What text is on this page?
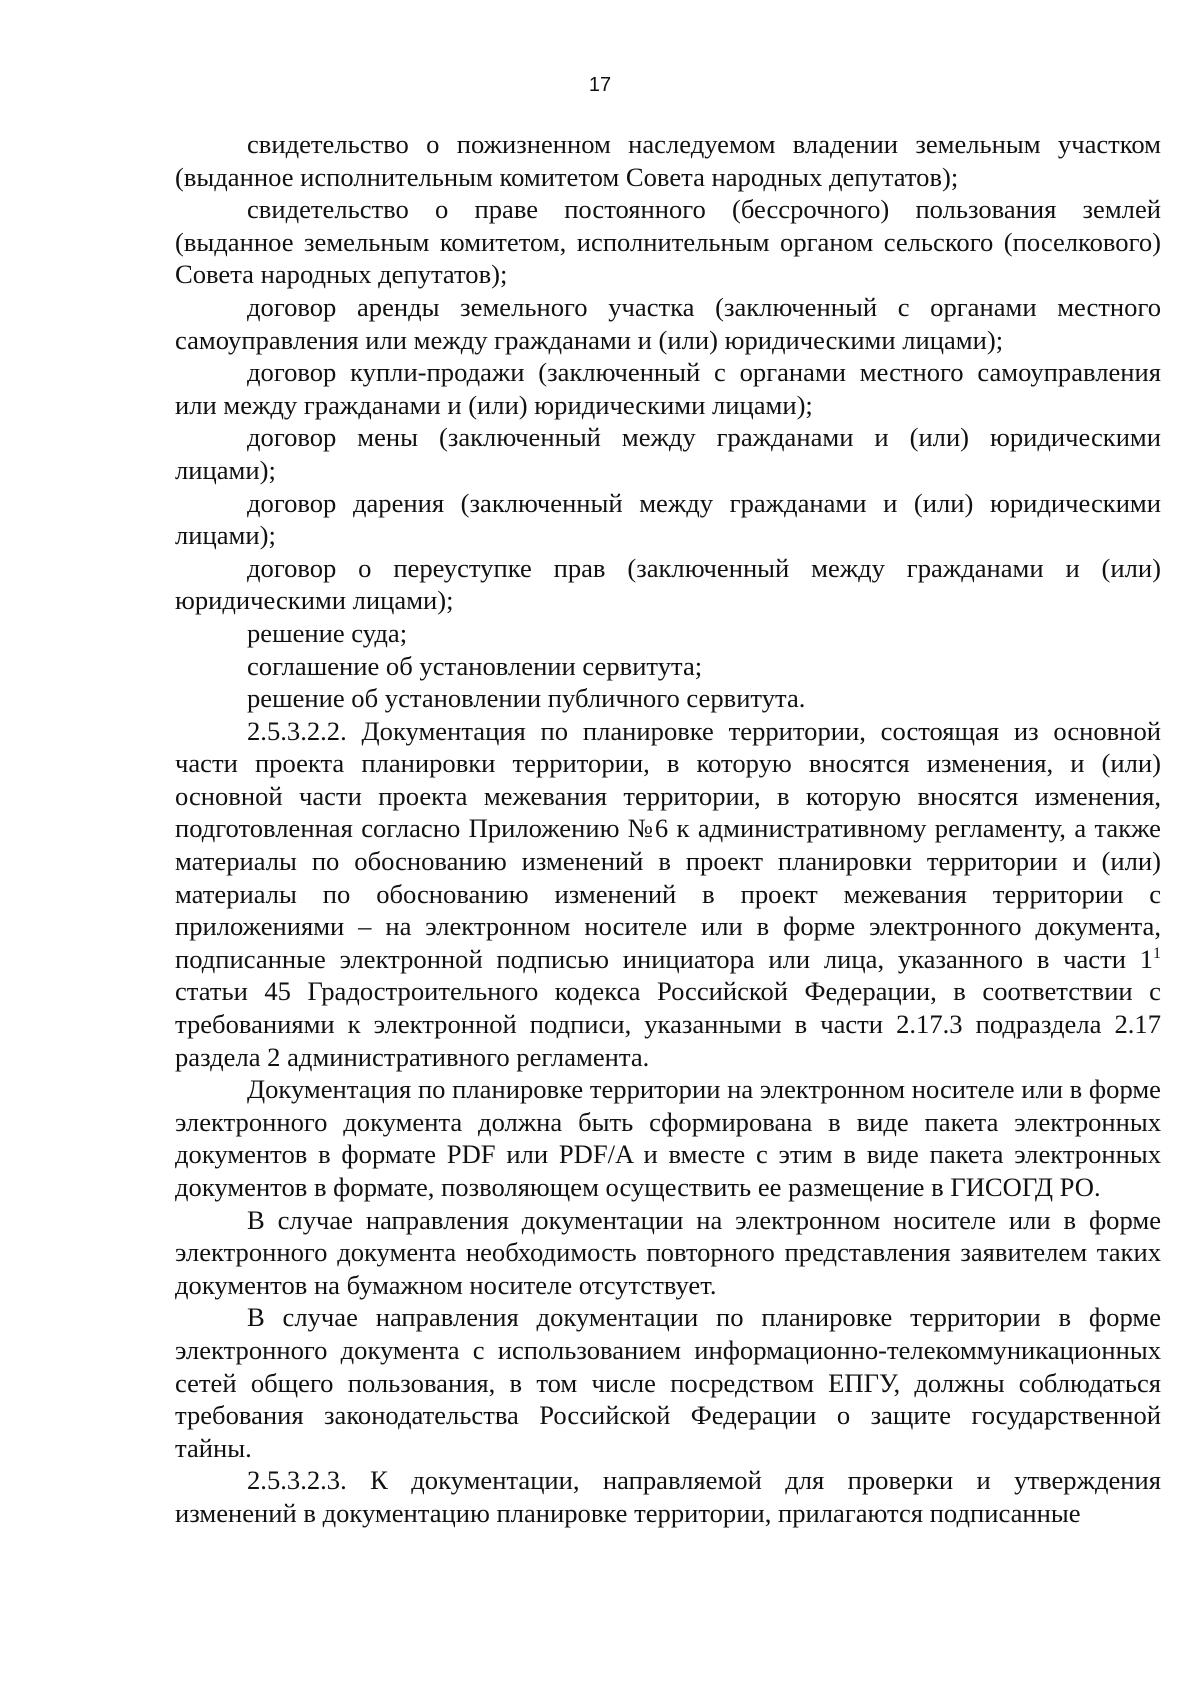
17

свидетельство о пожизненном наследуемом владении земельным участком (выданное исполнительным комитетом Совета народных депутатов);

свидетельство о праве постоянного (бессрочного) пользования землей (выданное земельным комитетом, исполнительным органом сельского (поселкового) Совета народных депутатов);

договор аренды земельного участка (заключенный с органами местного самоуправления или между гражданами и (или) юридическими лицами);

договор купли-продажи (заключенный с органами местного самоуправления или между гражданами и (или) юридическими лицами);

договор мены (заключенный между гражданами и (или) юридическими лицами);

договор дарения (заключенный между гражданами и (или) юридическими лицами);

договор о переуступке прав (заключенный между гражданами и (или) юридическими лицами);

решение суда;

соглашение об установлении сервитута;

решение об установлении публичного сервитута.

2.5.3.2.2. Документация по планировке территории, состоящая из основной части проекта планировки территории, в которую вносятся изменения, и (или) основной части проекта межевания территории, в которую вносятся изменения, подготовленная согласно Приложению №6 к административному регламенту, а также материалы по обоснованию изменений в проект планировки территории и (или) материалы по обоснованию изменений в проект межевания территории с приложениями – на электронном носителе или в форме электронного документа, подписанные электронной подписью инициатора или лица, указанного в части $1^1$ статьи 45 Градостроительного кодекса Российской Федерации, в соответствии с требованиями к электронной подписи, указанными в части 2.17.3 подраздела 2.17 раздела 2 административного регламента.

Документация по планировке территории на электронном носителе или в форме электронного документа должна быть сформирована в виде пакета электронных документов в формате PDF или PDF/A и вместе с этим в виде пакета электронных документов в формате, позволяющем осуществить ее размещение в ГИСОГД РО.

В случае направления документации на электронном носителе или в форме электронного документа необходимость повторного представления заявителем таких документов на бумажном носителе отсутствует.

В случае направления документации по планировке территории в форме электронного документа с использованием информационно-телекоммуникационных сетей общего пользования, в том числе посредством ЕПГУ, должны соблюдаться требования законодательства Российской Федерации о защите государственной тайны.

2.5.3.2.3. К документации, направляемой для проверки и утверждения изменений в документацию планировке территории, прилагаются подписанные
